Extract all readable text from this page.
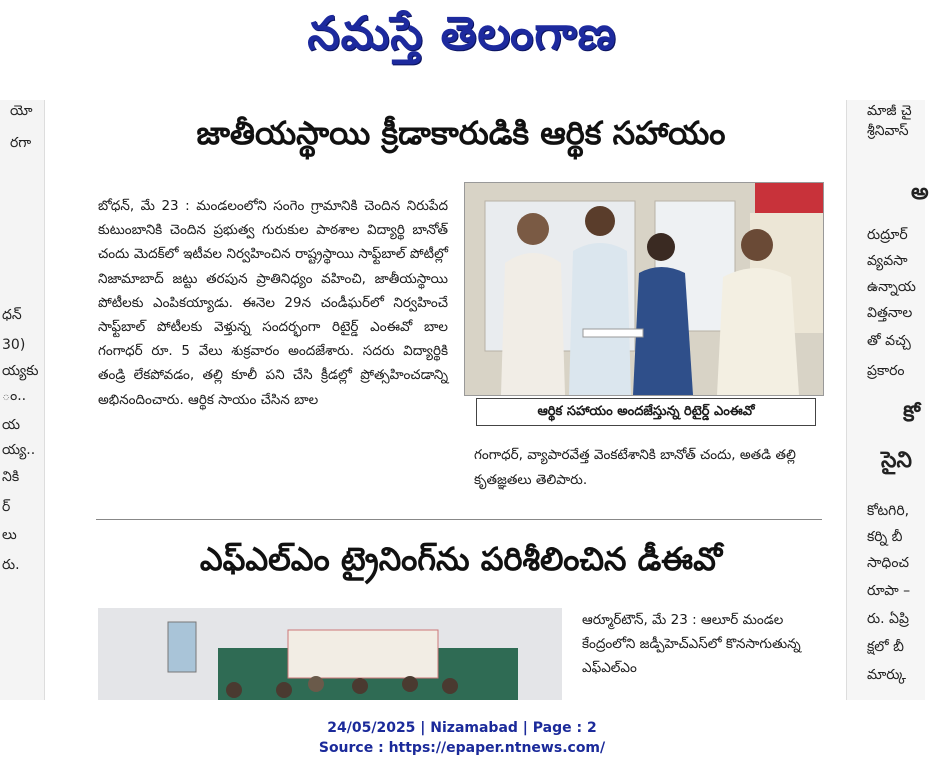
నమస్తే తెలంగాణ
యో
రగా
ధన్
30)
య్యకు
ం..
య
య్య..
నికి
ర్
లు
రు.
జాతీయస్థాయి క్రీడాకారుడికి ఆర్థిక సహాయం
బోధన్, మే 23 : మండలంలోని సంగెం గ్రామానికి చెందిన నిరుపేద కుటుంబానికి చెందిన ప్రభుత్వ గురుకుల పాఠశాల విద్యార్థి బానోత్ చందు మెదక్‌లో ఇటీవల నిర్వహించిన రాష్ట్రస్థాయి సాఫ్ట్‌బాల్ పోటీల్లో నిజామాబాద్ జట్టు తరపున ప్రాతినిధ్యం వహించి, జాతీయస్థాయి పోటీలకు ఎంపికయ్యాడు. ఈనెల 29న చండీఘర్‌లో నిర్వహించే సాఫ్ట్‌బాల్ పోటీలకు వెళ్తున్న సందర్భంగా రిటైర్డ్ ఎంఈవో బాల గంగాధర్ రూ. 5 వేలు శుక్రవారం అందజేశారు. సదరు విద్యార్థికి తండ్రి లేకపోవడం, తల్లి కూలీ పని చేసి క్రీడల్లో ప్రోత్సహించడాన్ని అభినందించారు. ఆర్థిక సాయం చేసిన బాల
ఆర్థిక సహాయం అందజేస్తున్న రిటైర్డ్ ఎంఈవో
గంగాధర్, వ్యాపారవేత్త వెంకటేశానికి బానోత్ చందు, అతడి తల్లి కృతజ్ఞతలు తెలిపారు.
ఎఫ్‌ఎల్‌ఎం ట్రైనింగ్‌ను పరిశీలించిన డీఈవో
ఆర్మూర్‌టౌన్, మే 23 : ఆలూర్ మండల కేంద్రంలోని జడ్పీహెచ్ఎస్‌లో కొనసాగుతున్న ఎఫ్‌ఎల్‌ఎం
మాజీ చై
శ్రీనివాస్
అ
రుద్రూర్
వ్యవసా
ఉన్నాయ
విత్తనాల
తో వచ్చ
ప్రకారం
కో
సైని
కోటగిరి,
కర్ని బీ
సాధించ
రూపా –
రు. ఏప్రి
క్షలో బీ
మార్కు
24/05/2025 | Nizamabad | Page : 2
Source : https://epaper.ntnews.com/
